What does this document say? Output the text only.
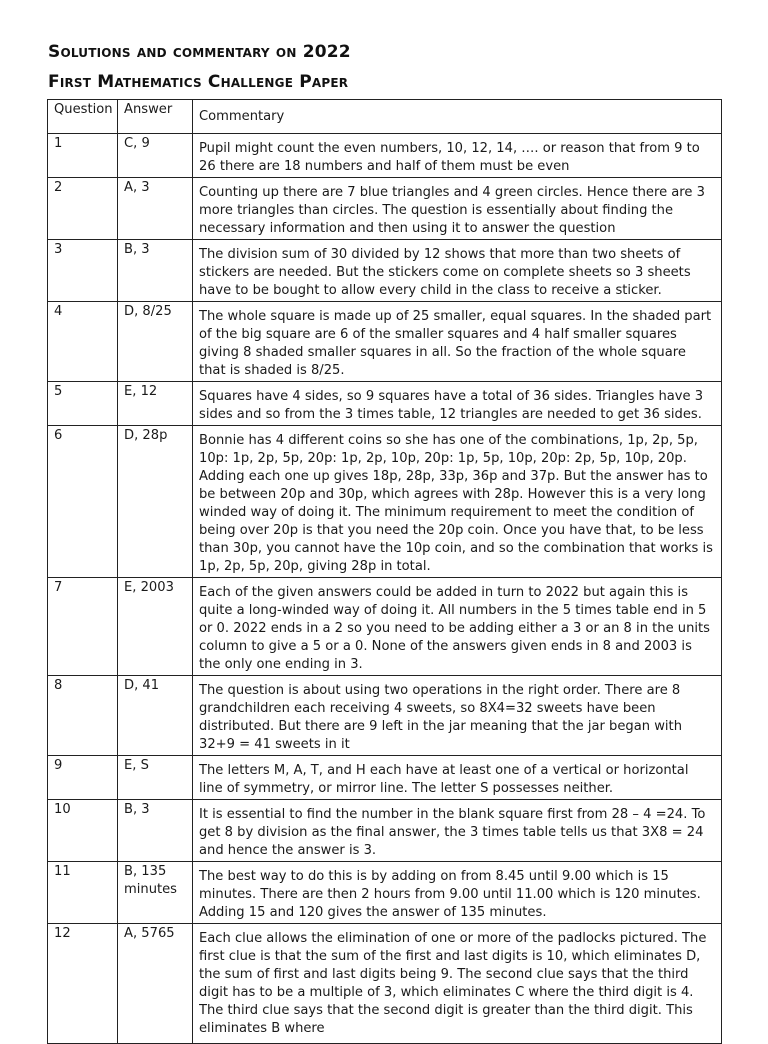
Solutions and commentary on 2022
First Mathematics Challenge Paper
Question	Answer	Commentary
1	C, 9	Pupil might count the even numbers, 10, 12, 14, …. or reason that from 9 to 26 there are 18 numbers and half of them must be even
2	A, 3	Counting up there are 7 blue triangles and 4 green circles. Hence there are 3 more triangles than circles. The question is essentially about finding the necessary information and then using it to answer the question
3	B, 3	The division sum of 30 divided by 12 shows that more than two sheets of stickers are needed. But the stickers come on complete sheets so 3 sheets have to be bought to allow every child in the class to receive a sticker.
4	D, 8/25	The whole square is made up of 25 smaller, equal squares. In the shaded part of the big square are 6 of the smaller squares and 4 half smaller squares giving 8 shaded smaller squares in all. So the fraction of the whole square that is shaded is 8/25.
5	E, 12	Squares have 4 sides, so 9 squares have a total of 36 sides. Triangles have 3 sides and so from the 3 times table, 12 triangles are needed to get 36 sides.
6	D, 28p	Bonnie has 4 different coins so she has one of the combinations, 1p, 2p, 5p, 10p: 1p, 2p, 5p, 20p: 1p, 2p, 10p, 20p: 1p, 5p, 10p, 20p: 2p, 5p, 10p, 20p. Adding each one up gives 18p, 28p, 33p, 36p and 37p. But the answer has to be between 20p and 30p, which agrees with 28p. However this is a very long winded way of doing it. The minimum requirement to meet the condition of being over 20p is that you need the 20p coin. Once you have that, to be less than 30p, you cannot have the 10p coin, and so the combination that works is 1p, 2p, 5p, 20p, giving 28p in total.
7	E, 2003	Each of the given answers could be added in turn to 2022 but again this is quite a long-winded way of doing it. All numbers in the 5 times table end in 5 or 0. 2022 ends in a 2 so you need to be adding either a 3 or an 8 in the units column to give a 5 or a 0. None of the answers given ends in 8 and 2003 is the only one ending in 3.
8	D, 41	The question is about using two operations in the right order. There are 8 grandchildren each receiving 4 sweets, so 8X4=32 sweets have been distributed. But there are 9 left in the jar meaning that the jar began with 32+9 = 41 sweets in it
9	E, S	The letters M, A, T, and H each have at least one of a vertical or horizontal line of symmetry, or mirror line. The letter S possesses neither.
10	B, 3	It is essential to find the number in the blank square first from 28 – 4 =24. To get 8 by division as the final answer, the 3 times table tells us that 3X8 = 24 and hence the answer is 3.
11	B, 135 minutes	The best way to do this is by adding on from 8.45 until 9.00 which is 15 minutes. There are then 2 hours from 9.00 until 11.00 which is 120 minutes. Adding 15 and 120 gives the answer of 135 minutes.
12	A, 5765	Each clue allows the elimination of one or more of the padlocks pictured. The first clue is that the sum of the first and last digits is 10, which eliminates D, the sum of first and last digits being 9. The second clue says that the third digit has to be a multiple of 3, which eliminates C where the third digit is 4. The third clue says that the second digit is greater than the third digit. This eliminates B where
